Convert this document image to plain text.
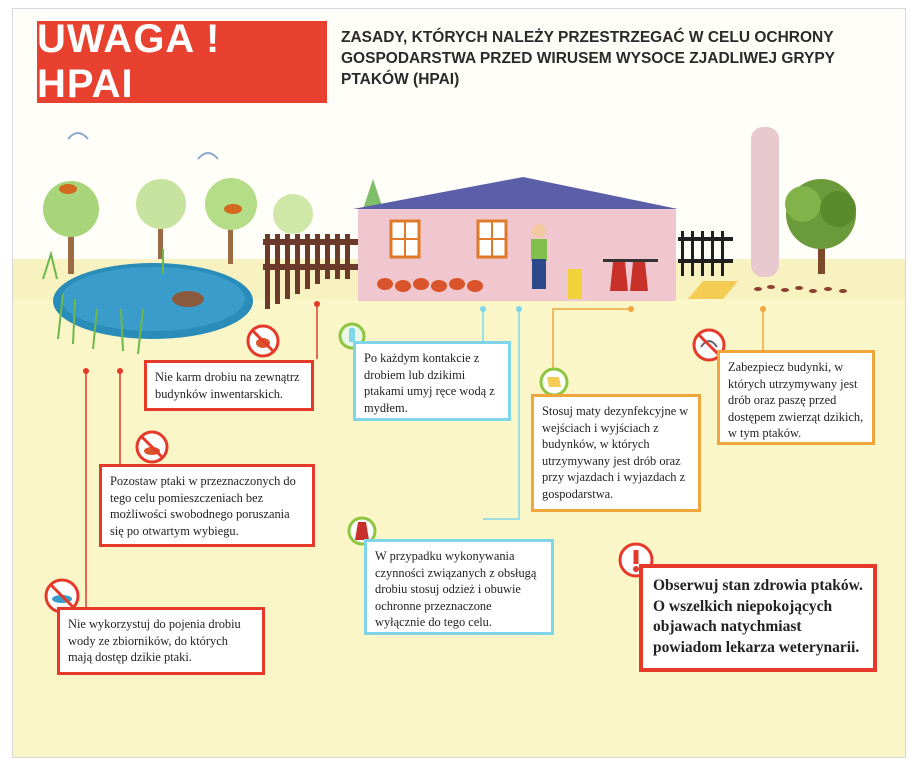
UWAGA ! HPAI
ZASADY, KTÓRYCH NALEŻY PRZESTRZEGAĆ W CELU OCHRONY GOSPODARSTWA PRZED WIRUSEM WYSOCE ZJADLIWEJ GRYPY PTAKÓW (HPAI)
Nie karm drobiu na zewnątrz budynków inwentarskich.
Po każdym kontakcie z drobiem lub dzikimi ptakami umyj ręce wodą z mydłem.
Zabezpiecz budynki, w których utrzymywany jest drób oraz paszę przed dostępem zwierząt dzikich, w tym ptaków.
Pozostaw ptaki w przeznaczonych do tego celu pomieszczeniach bez możliwości swobodnego poruszania się po otwartym wybiegu.
Stosuj maty dezynfekcyjne w wejściach i wyjściach z budynków, w których utrzymywany jest drób oraz przy wjazdach i wyjazdach z gospodarstwa.
W przypadku wykonywania czynności związanych z obsługą drobiu stosuj odzież i obuwie ochronne przeznaczone wyłącznie do tego celu.
Nie wykorzystuj do pojenia drobiu wody ze zbiorników, do których mają dostęp dzikie ptaki.
Obserwuj stan zdrowia ptaków. O wszelkich niepokojących objawach natychmiast powiadom lekarza weterynarii.
